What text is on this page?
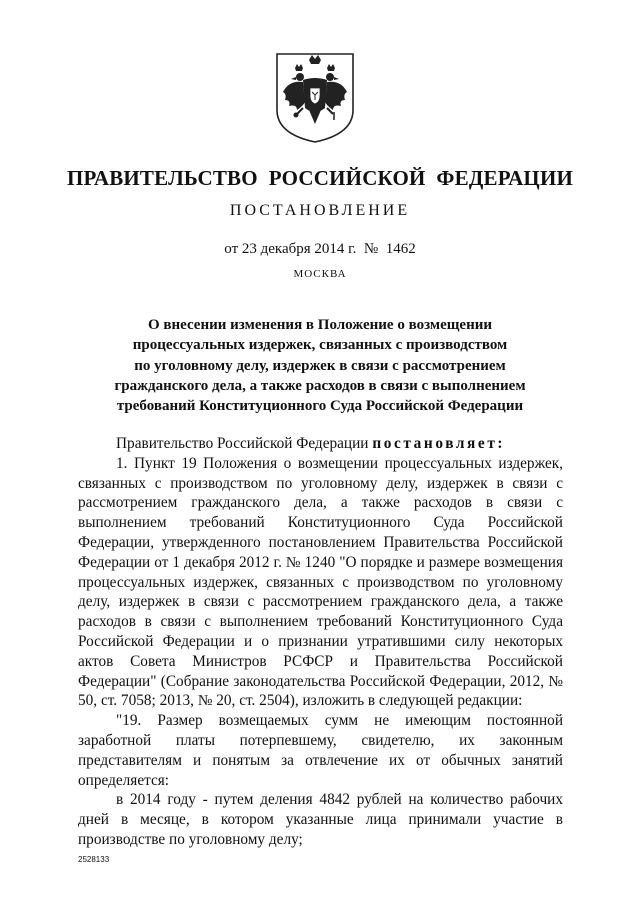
ПРАВИТЕЛЬСТВО  РОССИЙСКОЙ  ФЕДЕРАЦИИ
ПОСТАНОВЛЕНИЕ
от 23 декабря 2014 г.  №  1462
МОСКВА
О внесении изменения в Положение о возмещении
процессуальных издержек, связанных с производством
по уголовному делу, издержек в связи с рассмотрением
гражданского дела, а также расходов в связи с выполнением
требований Конституционного Суда Российской Федерации

Правительство Российской Федерации постановляет:

1. Пункт 19 Положения о возмещении процессуальных издержек, связанных с производством по уголовному делу, издержек в связи с рассмотрением гражданского дела, а также расходов в связи с выполнением требований Конституционного Суда Российской Федерации, утвержденного постановлением Правительства Российской Федерации от 1 декабря 2012 г. № 1240 "О порядке и размере возмещения процессуальных издержек, связанных с производством по уголовному делу, издержек в связи с рассмотрением гражданского дела, а также расходов в связи с выполнением требований Конституционного Суда Российской Федерации и о признании утратившими силу некоторых актов Совета Министров РСФСР и Правительства Российской Федерации" (Собрание законодательства Российской Федерации, 2012, № 50, ст. 7058; 2013, № 20, ст. 2504), изложить в следующей редакции:

"19. Размер возмещаемых сумм не имеющим постоянной заработной платы потерпевшему, свидетелю, их законным представителям и понятым за отвлечение их от обычных занятий определяется:

в 2014 году - путем деления 4842 рублей на количество рабочих дней в месяце, в котором указанные лица принимали участие в производстве по уголовному делу;

2528133
